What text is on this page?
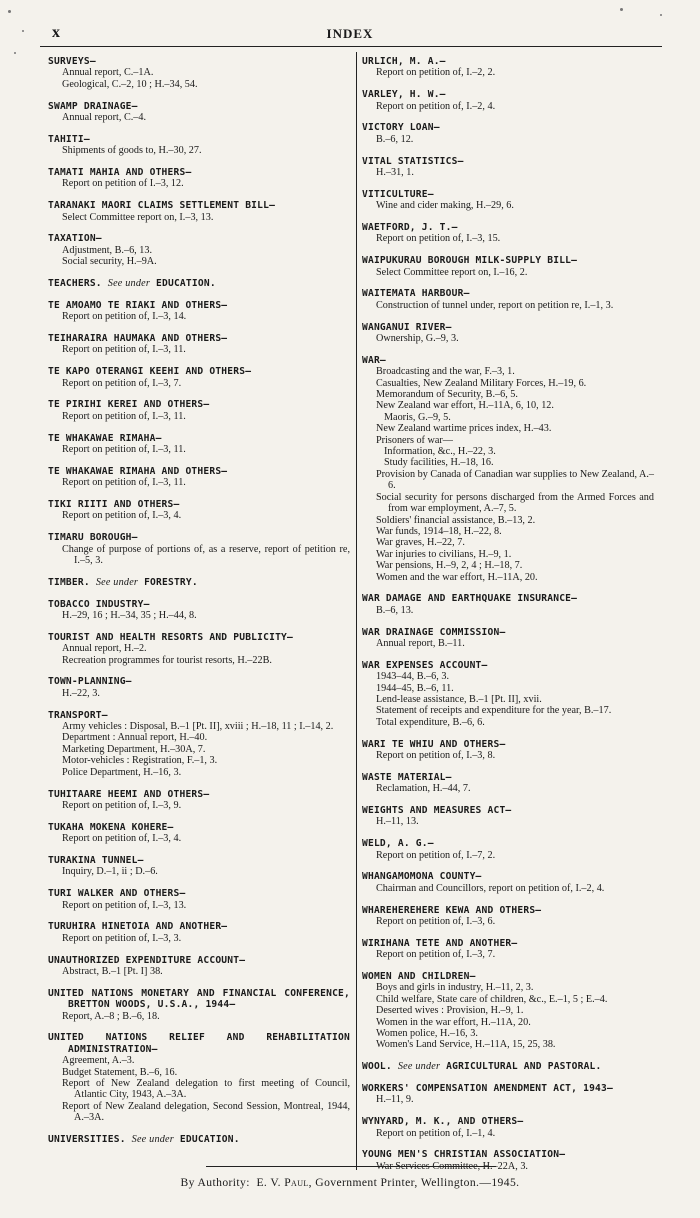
x	INDEX
SURVEYS—
Annual report, C.–1A.
Geological, C.–2, 10 ; H.–34, 54.
SWAMP DRAINAGE—
Annual report, C.–4.
TAHITI—
Shipments of goods to, H.–30, 27.
TAMATI MAHIA AND OTHERS—
Report on petition of I.–3, 12.
TARANAKI MAORI CLAIMS SETTLEMENT BILL—
Select Committee report on, I.–3, 13.
TAXATION—
Adjustment, B.–6, 13.
Social security, H.–9A.
TEACHERS. See under EDUCATION.
TE AMOAMO TE RIAKI AND OTHERS—
Report on petition of, I.–3, 14.
TEIHARAIRA HAUMAKA AND OTHERS—
Report on petition of, I.–3, 11.
TE KAPO OTERANGI KEEHI AND OTHERS—
Report on petition of, I.–3, 7.
TE PIRIHI KEREI AND OTHERS—
Report on petition of, I.–3, 11.
TE WHAKAWAE RIMAHA—
Report on petition of, I.–3, 11.
TE WHAKAWAE RIMAHA AND OTHERS—
Report on petition of, I.–3, 11.
TIKI RIITI AND OTHERS—
Report on petition of, I.–3, 4.
TIMARU BOROUGH—
Change of purpose of portions of, as a reserve, report of petition re, I.–5, 3.
TIMBER. See under FORESTRY.
TOBACCO INDUSTRY—
H.–29, 16 ; H.–34, 35 ; H.–44, 8.
TOURIST AND HEALTH RESORTS AND PUBLICITY—
Annual report, H.–2.
Recreation programmes for tourist resorts, H.–22B.
TOWN-PLANNING—
H.–22, 3.
TRANSPORT—
Army vehicles : Disposal, B.–1 [Pt. II], xviii ; H.–18, 11 ; I.–14, 2.
Department : Annual report, H.–40.
Marketing Department, H.–30A, 7.
Motor-vehicles : Registration, F.–1, 3.
Police Department, H.–16, 3.
TUHITAARE HEEMI AND OTHERS—
Report on petition of, I.–3, 9.
TUKAHA MOKENA KOHERE—
Report on petition of, I.–3, 4.
TURAKINA TUNNEL—
Inquiry, D.–1, ii ; D.–6.
TURI WALKER AND OTHERS—
Report on petition of, I.–3, 13.
TURUHIRA HINETOIA AND ANOTHER—
Report on petition of, I.–3, 3.
UNAUTHORIZED EXPENDITURE ACCOUNT—
Abstract, B.–1 [Pt. I] 38.
UNITED NATIONS MONETARY AND FINANCIAL CONFERENCE, BRETTON WOODS, U.S.A., 1944—
Report, A.–8 ; B.–6, 18.
UNITED NATIONS RELIEF AND REHABILITATION ADMINISTRATION—
Agreement, A.–3.
Budget Statement, B.–6, 16.
Report of New Zealand delegation to first meeting of Council, Atlantic City, 1943, A.–3A.
Report of New Zealand delegation, Second Session, Montreal, 1944, A.–3A.
UNIVERSITIES. See under EDUCATION.
URLICH, M. A.—
Report on petition of, I.–2, 2.
VARLEY, H. W.—
Report on petition of, I.–2, 4.
VICTORY LOAN—
B.–6, 12.
VITAL STATISTICS—
H.–31, 1.
VITICULTURE—
Wine and cider making, H.–29, 6.
WAETFORD, J. T.—
Report on petition of, I.–3, 15.
WAIPUKURAU BOROUGH MILK-SUPPLY BILL—
Select Committee report on, I.–16, 2.
WAITEMATA HARBOUR—
Construction of tunnel under, report on petition re, I.–1, 3.
WANGANUI RIVER—
Ownership, G.–9, 3.
WAR—
Broadcasting and the war, F.–3, 1.
Casualties, New Zealand Military Forces, H.–19, 6.
Memorandum of Security, B.–6, 5.
New Zealand war effort, H.–11A, 6, 10, 12.
Maoris, G.–9, 5.
New Zealand wartime prices index, H.–43.
Prisoners of war—
Information, &c., H.–22, 3.
Study facilities, H.–18, 16.
Provision by Canada of Canadian war supplies to New Zealand, A.–6.
Social security for persons discharged from the Armed Forces and from war employment, A.–7, 5.
Soldiers' financial assistance, B.–13, 2.
War funds, 1914–18, H.–22, 8.
War graves, H.–22, 7.
War injuries to civilians, H.–9, 1.
War pensions, H.–9, 2, 4 ; H.–18, 7.
Women and the war effort, H.–11A, 20.
WAR DAMAGE AND EARTHQUAKE INSURANCE—
B.–6, 13.
WAR DRAINAGE COMMISSION—
Annual report, B.–11.
WAR EXPENSES ACCOUNT—
1943–44, B.–6, 3.
1944–45, B.–6, 11.
Lend-lease assistance, B.–1 [Pt. II], xvii.
Statement of receipts and expenditure for the year, B.–17.
Total expenditure, B.–6, 6.
WARI TE WHIU AND OTHERS—
Report on petition of, I.–3, 8.
WASTE MATERIAL—
Reclamation, H.–44, 7.
WEIGHTS AND MEASURES ACT—
H.–11, 13.
WELD, A. G.—
Report on petition of, I.–7, 2.
WHANGAMOMONA COUNTY—
Chairman and Councillors, report on petition of, I.–2, 4.
WHAREHEREHERE KEWA AND OTHERS—
Report on petition of, I.–3, 6.
WIRIHANA TETE AND ANOTHER—
Report on petition of, I.–3, 7.
WOMEN AND CHILDREN—
Boys and girls in industry, H.–11, 2, 3.
Child welfare, State care of children, &c., E.–1, 5 ; E.–4.
Deserted wives : Provision, H.–9, 1.
Women in the war effort, H.–11A, 20.
Women police, H.–16, 3.
Women's Land Service, H.–11A, 15, 25, 38.
WOOL. See under AGRICULTURAL AND PASTORAL.
WORKERS' COMPENSATION AMENDMENT ACT, 1943—
H.–11, 9.
WYNYARD, M. K., AND OTHERS—
Report on petition of, I.–1, 4.
YOUNG MEN'S CHRISTIAN ASSOCIATION—
War Services Committee, H.–22A, 3.
By Authority: E. V. Paul, Government Printer, Wellington.—1945.
